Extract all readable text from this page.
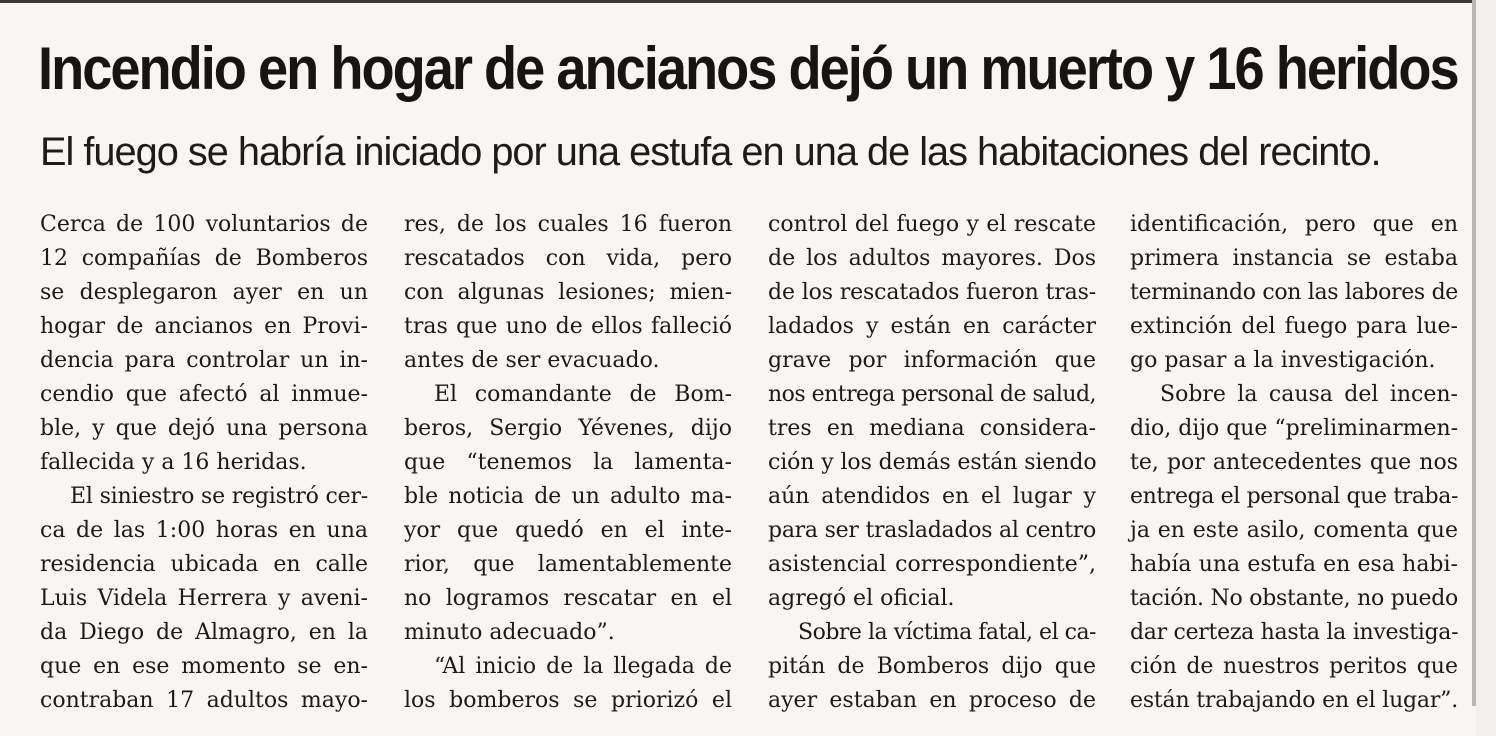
Incendio en hogar de ancianos dejó un muerto y 16 heridos
El fuego se habría iniciado por una estufa en una de las habitaciones del recinto.
Cerca de 100 voluntarios de
12 compañías de Bomberos
se desplegaron ayer en un
hogar de ancianos en Provi-
dencia para controlar un in-
cendio que afectó al inmue-
ble, y que dejó una persona
fallecida y a 16 heridas.
El siniestro se registró cer-
ca de las 1:00 horas en una
residencia ubicada en calle
Luis Videla Herrera y aveni-
da Diego de Almagro, en la
que en ese momento se en-
contraban 17 adultos mayo-
res, de los cuales 16 fueron
rescatados con vida, pero
con algunas lesiones; mien-
tras que uno de ellos falleció
antes de ser evacuado.
El comandante de Bom-
beros, Sergio Yévenes, dijo
que “tenemos la lamenta-
ble noticia de un adulto ma-
yor que quedó en el inte-
rior, que lamentablemente
no logramos rescatar en el
minuto adecuado”.
“Al inicio de la llegada de
los bomberos se priorizó el
control del fuego y el rescate
de los adultos mayores. Dos
de los rescatados fueron tras-
ladados y están en carácter
grave por información que
nos entrega personal de salud,
tres en mediana considera-
ción y los demás están siendo
aún atendidos en el lugar y
para ser trasladados al centro
asistencial correspondiente”,
agregó el oficial.
Sobre la víctima fatal, el ca-
pitán de Bomberos dijo que
ayer estaban en proceso de
identificación, pero que en
primera instancia se estaba
terminando con las labores de
extinción del fuego para lue-
go pasar a la investigación.
Sobre la causa del incen-
dio, dijo que “preliminarmen-
te, por antecedentes que nos
entrega el personal que traba-
ja en este asilo, comenta que
había una estufa en esa habi-
tación. No obstante, no puedo
dar certeza hasta la investiga-
ción de nuestros peritos que
están trabajando en el lugar”.
